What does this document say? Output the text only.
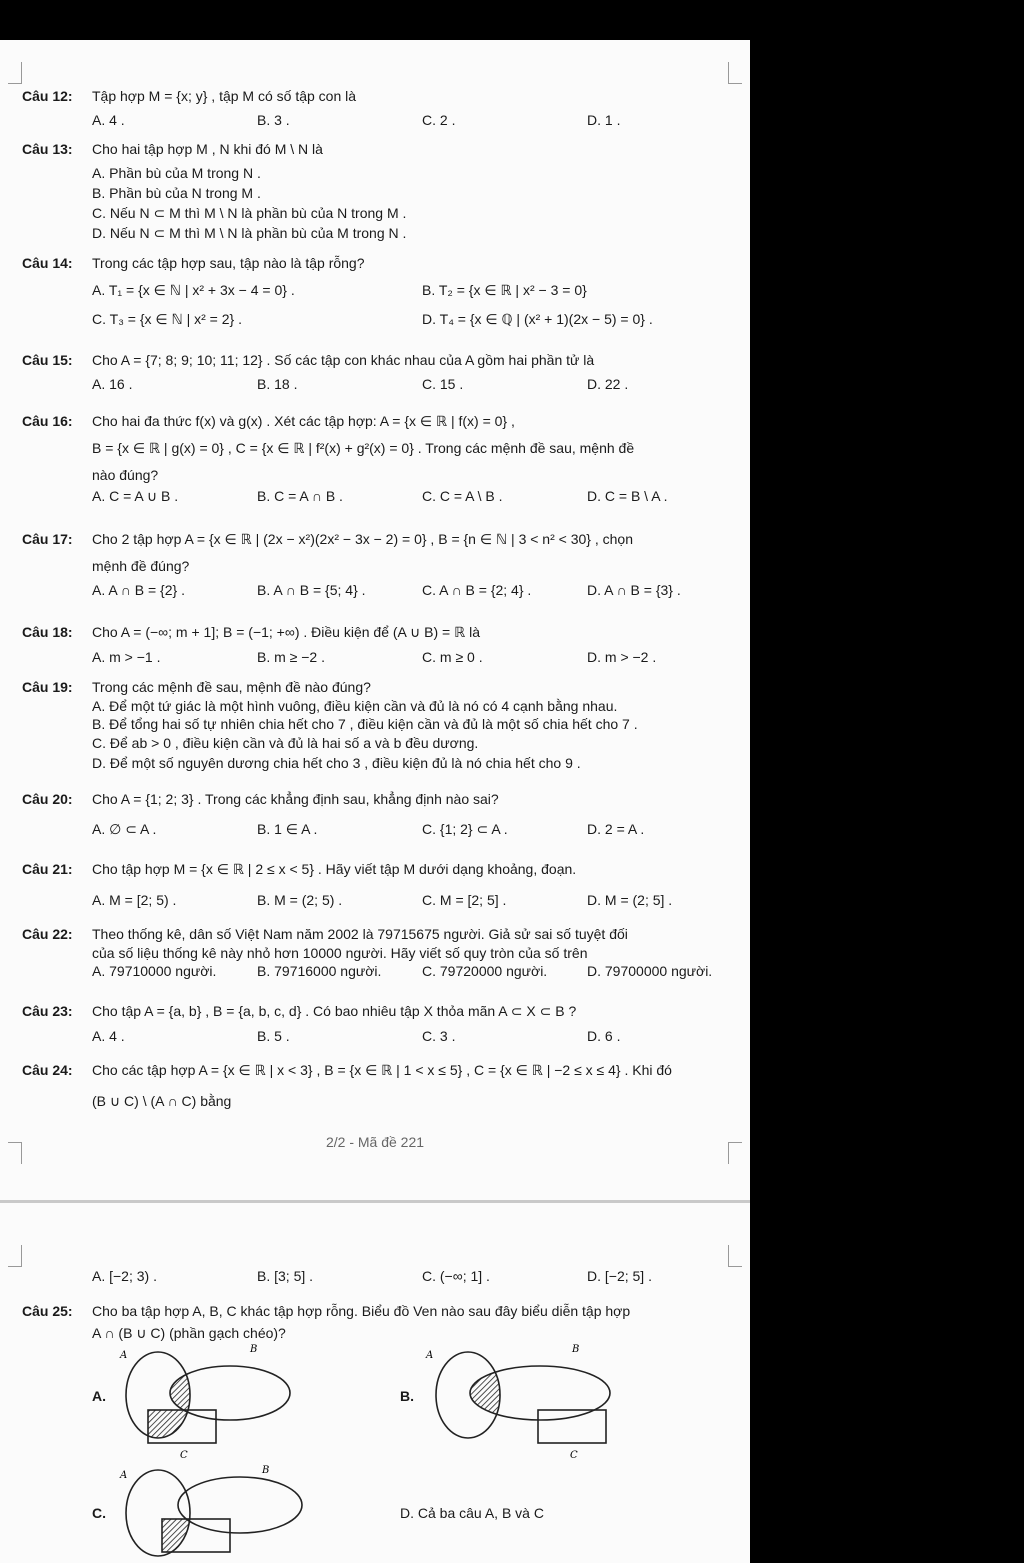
Câu 12:	Tập hợp M = {x; y} , tập M có số tập con là
A. 4 .	B. 3 .	C. 2 .	D. 1 .
Câu 13:	Cho hai tập hợp M , N khi đó M \ N là
A. Phần bù của M trong N .
B. Phần bù của N trong M .
C. Nếu N ⊂ M thì M \ N là phần bù của N trong M .
D. Nếu N ⊂ M thì M \ N là phần bù của M trong N .
Câu 14:	Trong các tập hợp sau, tập nào là tập rỗng?
A. T₁ = {x ∈ ℕ | x² + 3x − 4 = 0} .	B. T₂ = {x ∈ ℝ | x² − 3 = 0}
C. T₃ = {x ∈ ℕ | x² = 2} .	D. T₄ = {x ∈ ℚ | (x² + 1)(2x − 5) = 0} .
Câu 15:	Cho A = {7; 8; 9; 10; 11; 12} . Số các tập con khác nhau của A gồm hai phần tử là
A. 16 .	B. 18 .	C. 15 .	D. 22 .
Câu 16:	Cho hai đa thức f(x) và g(x) . Xét các tập hợp: A = {x ∈ ℝ | f(x) = 0} ,
B = {x ∈ ℝ | g(x) = 0} , C = {x ∈ ℝ | f²(x) + g²(x) = 0} . Trong các mệnh đề sau, mệnh đề
nào đúng?
A. C = A ∪ B .	B. C = A ∩ B .	C. C = A \ B .	D. C = B \ A .
Câu 17:	Cho 2 tập hợp A = {x ∈ ℝ | (2x − x²)(2x² − 3x − 2) = 0} , B = {n ∈ ℕ | 3 < n² < 30} , chọn
mệnh đề đúng?
A. A ∩ B = {2} .	B. A ∩ B = {5; 4} .	C. A ∩ B = {2; 4} .	D. A ∩ B = {3} .
Câu 18:	Cho A = (−∞; m + 1]; B = (−1; +∞) . Điều kiện để (A ∪ B) = ℝ là
A. m > −1 .	B. m ≥ −2 .	C. m ≥ 0 .	D. m > −2 .
Câu 19:	Trong các mệnh đề sau, mệnh đề nào đúng?
A. Để một tứ giác là một hình vuông, điều kiện cần và đủ là nó có 4 cạnh bằng nhau.
B. Để tổng hai số tự nhiên chia hết cho 7 , điều kiện cần và đủ là một số chia hết cho 7 .
C. Để ab > 0 , điều kiện cần và đủ là hai số a và b đều dương.
D. Để một số nguyên dương chia hết cho 3 , điều kiện đủ là nó chia hết cho 9 .
Câu 20:	Cho A = {1; 2; 3} . Trong các khẳng định sau, khẳng định nào sai?
A. ∅ ⊂ A .	B. 1 ∈ A .	C. {1; 2} ⊂ A .	D. 2 = A .
Câu 21:	Cho tập hợp M = {x ∈ ℝ | 2 ≤ x < 5} . Hãy viết tập M dưới dạng khoảng, đoạn.
A. M = [2; 5) .	B. M = (2; 5) .	C. M = [2; 5] .	D. M = (2; 5] .
Câu 22:	Theo thống kê, dân số Việt Nam năm 2002 là 79715675 người. Giả sử sai số tuyệt đối
của số liệu thống kê này nhỏ hơn 10000 người. Hãy viết số quy tròn của số trên
A. 79710000 người.	B. 79716000 người.	C. 79720000 người.	D. 79700000 người.
Câu 23:	Cho tập A = {a, b} , B = {a, b, c, d} . Có bao nhiêu tập X thỏa mãn A ⊂ X ⊂ B ?
A. 4 .	B. 5 .	C. 3 .	D. 6 .
Câu 24:	Cho các tập hợp A = {x ∈ ℝ | x < 3} , B = {x ∈ ℝ | 1 < x ≤ 5} , C = {x ∈ ℝ | −2 ≤ x ≤ 4} . Khi đó
(B ∪ C) \ (A ∩ C) bằng
2/2 - Mã đề 221
A. [−2; 3) .	B. [3; 5] .	C. (−∞; 1] .	D. [−2; 5] .
Câu 25:	Cho ba tập hợp A, B, C khác tập hợp rỗng. Biểu đồ Ven nào sau đây biểu diễn tập hợp
A ∩ (B ∪ C) (phần gạch chéo)?
A.	B.
C.	D. Cả ba câu A, B và C
A
B
C
A
B
C
A	B
